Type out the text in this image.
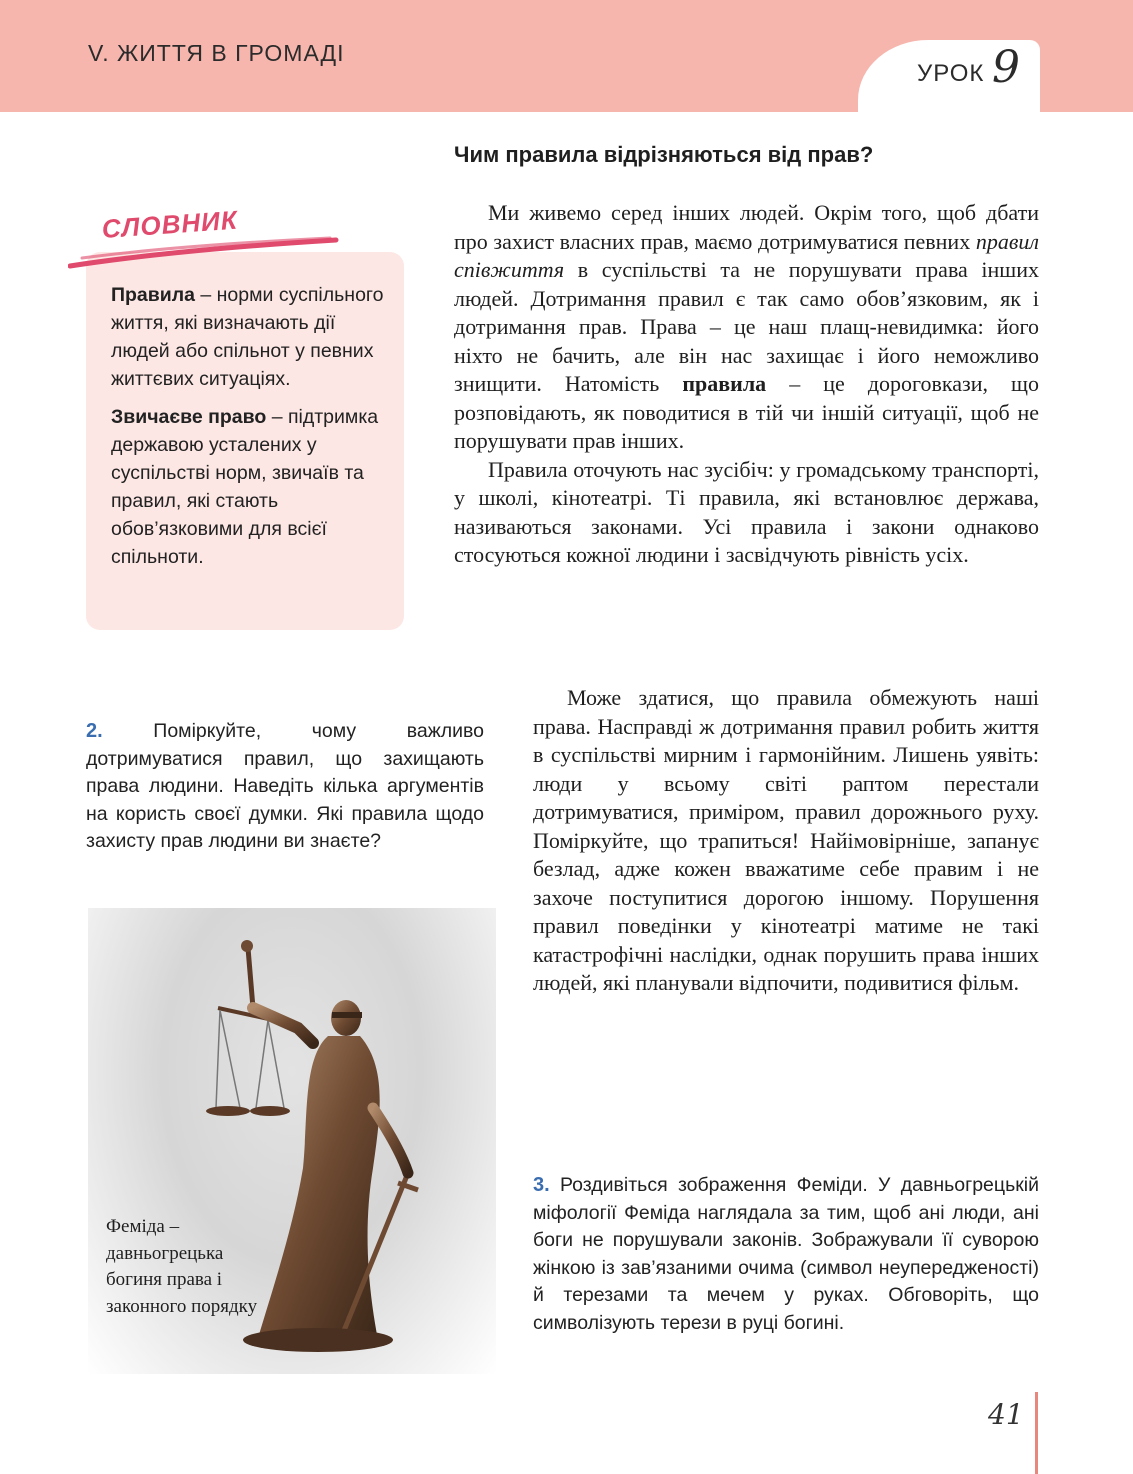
V. ЖИТТЯ В ГРОМАДІ
УРОК 9
СЛОВНИК

Правила – норми суспільного життя, які визначають дії людей або спільнот у певних життєвих ситуаціях.

Звичаєве право – підтримка державою усталених у суспільстві норм, звичаїв та правил, які стають обов’язковими для всієї спільноти.

Чим правила відрізняються від прав?

Ми живемо серед інших людей. Окрім того, щоб дбати про захист власних прав, маємо дотримуватися певних правил співжиття в суспільстві та не порушувати права інших людей. Дотримання правил є так само обов’язковим, як і дотримання прав. Права – це наш плащ-невидимка: його ніхто не бачить, але він нас захищає і його неможливо знищити. Натомість правила – це дороговкази, що розповідають, як поводитися в тій чи іншій ситуації, щоб не порушувати прав інших.

Правила оточують нас зусібіч: у громадському транспорті, у школі, кінотеатрі. Ті правила, які встановлює держава, називаються законами. Усі правила і закони однаково стосуються кожної людини і засвідчують рівність усіх.

Може здатися, що правила обмежують наші права. Насправді ж дотримання правил робить життя в суспільстві мирним і гармонійним. Лишень уявіть: люди у всьому світі раптом перестали дотримуватися, приміром, правил дорожнього руху. Поміркуйте, що трапиться! Найімовірніше, запанує безлад, адже кожен вважатиме себе правим і не захоче поступитися дорогою іншому. Порушення правил поведінки у кінотеатрі матиме не такі катастрофічні наслідки, однак порушить права інших людей, які планували відпочити, подивитися фільм.

2. Поміркуйте, чому важливо дотримуватися правил, що захищають права людини. Наведіть кілька аргументів на користь своєї думки. Які правила щодо захисту прав людини ви знаєте?
Феміда – давньогрецька богиня права і законного порядку
3. Роздивіться зображення Феміди. У давньогрецькій міфології Феміда наглядала за тим, щоб ані люди, ані боги не порушували законів. Зображували її суворою жінкою із зав’язаними очима (символ неупередженості) й терезами та мечем у руках. Обговоріть, що символізують терези в руці богині.
41
